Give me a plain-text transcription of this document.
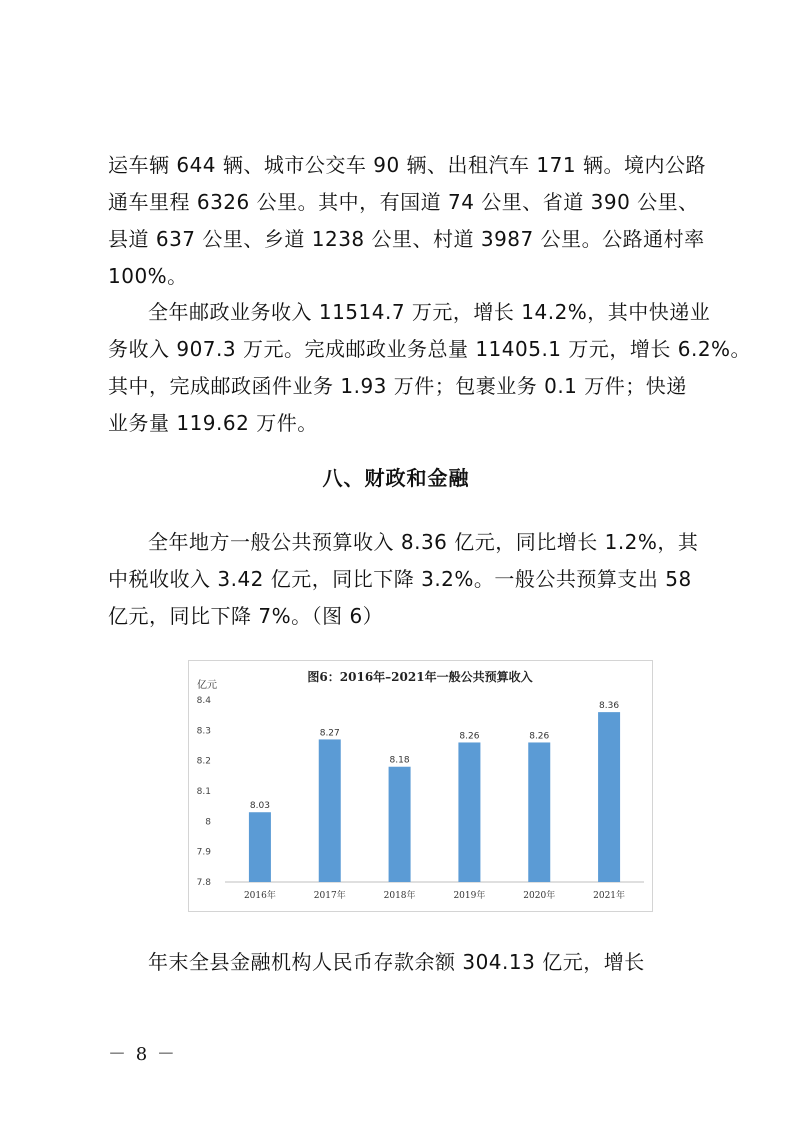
运车辆 644 辆、城市公交车 90 辆、出租汽车 171 辆。境内公路
通车里程 6326 公里。其中，有国道 74 公里、省道 390 公里、
县道 637 公里、乡道 1238 公里、村道 3987 公里。公路通村率
100%。
全年邮政业务收入 11514.7 万元，增长 14.2%，其中快递业
务收入 907.3 万元。完成邮政业务总量 11405.1 万元，增长 6.2%。
其中，完成邮政函件业务 1.93 万件；包裹业务 0.1 万件；快递
业务量 119.62 万件。
八、财政和金融
全年地方一般公共预算收入 8.36 亿元，同比增长 1.2%，其
中税收收入 3.42 亿元，同比下降 3.2%。一般公共预算支出 58
亿元，同比下降 7%。（图 6）
图6：2016年–2021年一般公共预算收入
亿元
7.8
7.9
8
8.1
8.2
8.3
8.4
8.03
2016年
8.27
2017年
8.18
2018年
8.26
2019年
8.26
2020年
8.36
2021年
年末全县金融机构人民币存款余额 304.13 亿元，增长
－ 8 －
